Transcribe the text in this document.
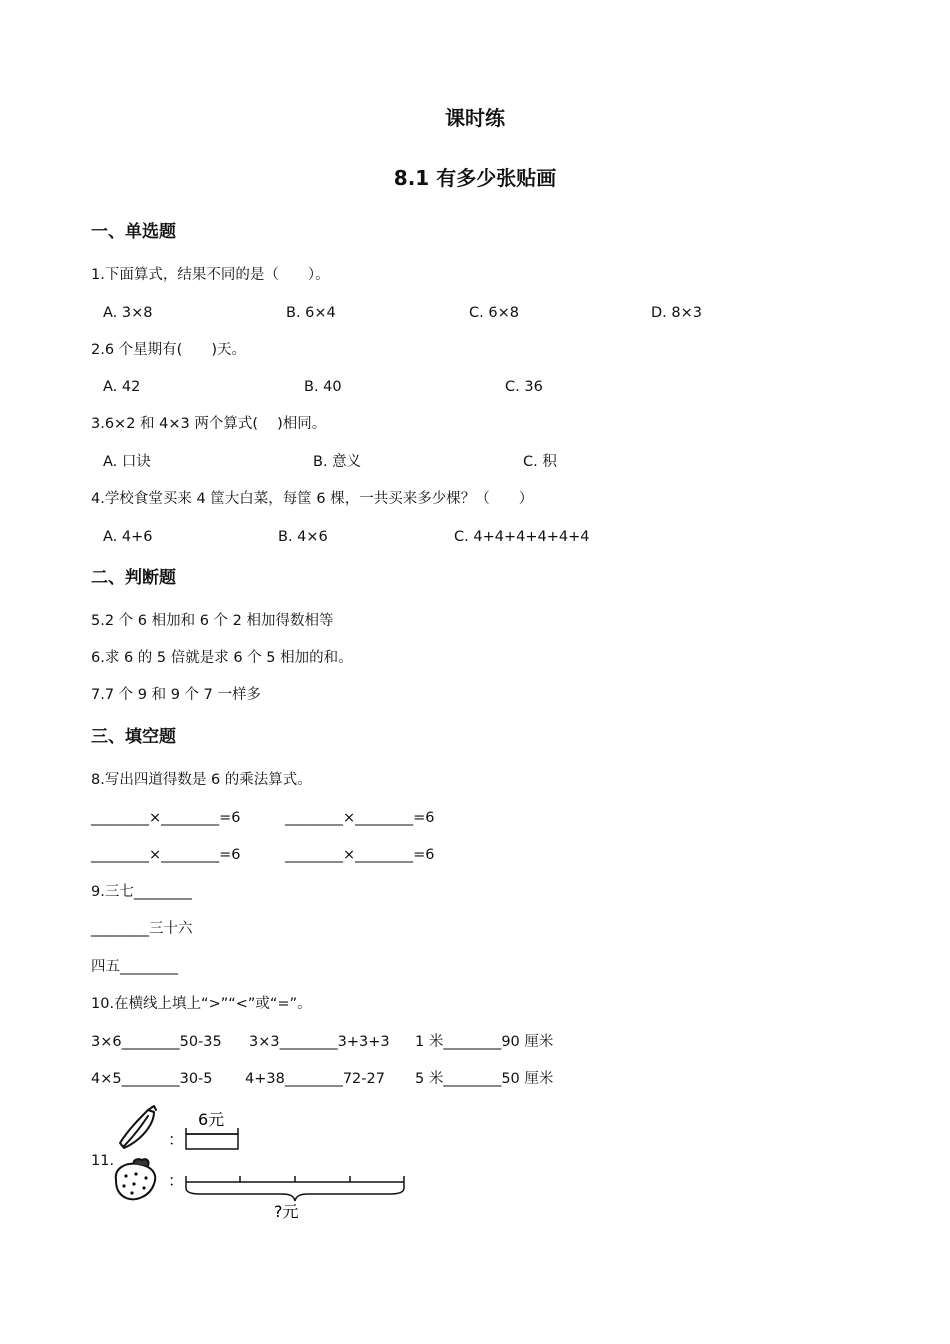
课时练
8.1 有多少张贴画
一、单选题
1.下面算式，结果不同的是（　　）。
A. 3×8	B. 6×4	C. 6×8	D. 8×3
2.6 个星期有(　　)天。
A. 42	B. 40	C. 36
3.6×2 和 4×3 两个算式(　 )相同。
A. 口诀	B. 意义	C. 积
4.学校食堂买来 4 筐大白菜，每筐 6 棵，一共买来多少棵？（　　）
A. 4+6	B. 4×6	C. 4+4+4+4+4+4
二、判断题
5.2 个 6 相加和 6 个 2 相加得数相等
6.求 6 的 5 倍就是求 6 个 5 相加的和。
7.7 个 9 和 9 个 7 一样多
三、填空题
8.写出四道得数是 6 的乘法算式。
________×________=6	________×________=6
________×________=6	________×________=6
9.三七________
________三十六
四五________
10.在横线上填上“>”“<”或“=”。
3×6________50-35 3×3________3+3+3 1 米________90 厘米
4×5________30-5 4+38________72-27 5 米________50 厘米
11.
：
6元
：
?元
